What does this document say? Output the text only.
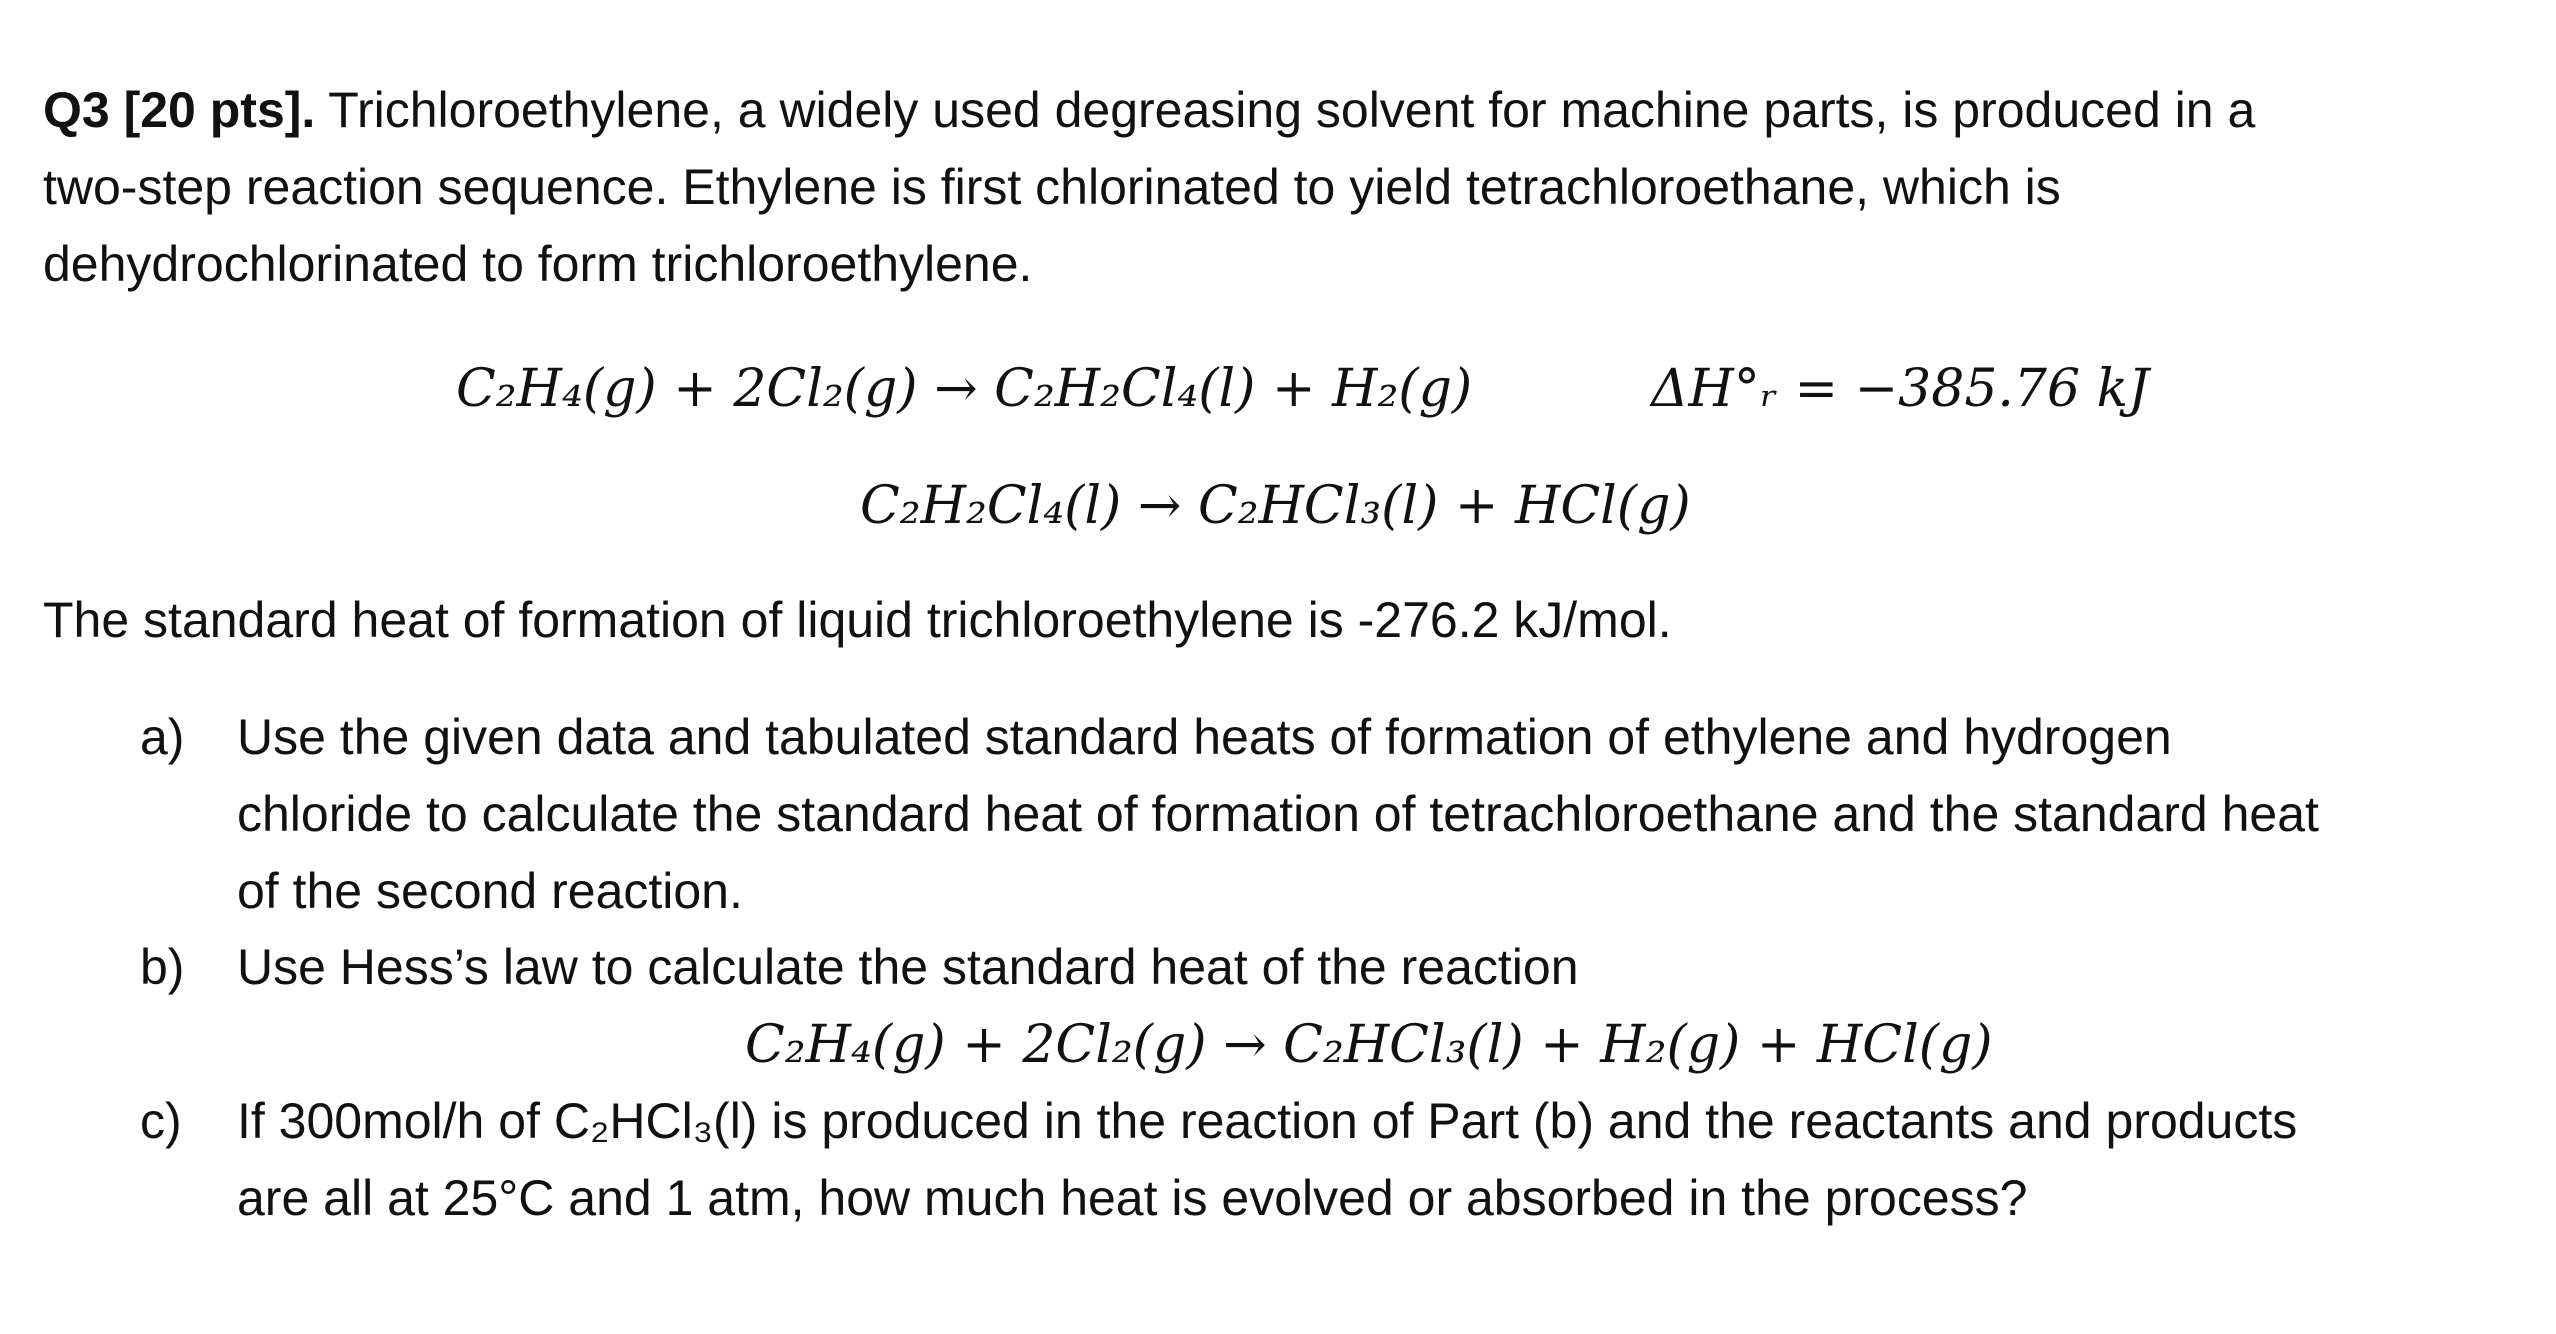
Q3 [20 pts]. Trichloroethylene, a widely used degreasing solvent for machine parts, is produced in a
two-step reaction sequence. Ethylene is first chlorinated to yield tetrachloroethane, which is
dehydrochlorinated to form trichloroethylene.

C₂H₄(g) + 2Cl₂(g) → C₂H₂Cl₄(l) + H₂(g)	ΔH°ᵣ = −385.76 kJ
C₂H₂Cl₄(l) → C₂HCl₃(l) + HCl(g)
The standard heat of formation of liquid trichloroethylene is -276.2 kJ/mol.
a) Use the given data and tabulated standard heats of formation of ethylene and hydrogen
chloride to calculate the standard heat of formation of tetrachloroethane and the standard heat
of the second reaction.
b) Use Hess’s law to calculate the standard heat of the reaction
C₂H₄(g) + 2Cl₂(g) → C₂HCl₃(l) + H₂(g) + HCl(g)
c) If 300mol/h of C₂HCl₃(l) is produced in the reaction of Part (b) and the reactants and products
are all at 25°C and 1 atm, how much heat is evolved or absorbed in the process?
